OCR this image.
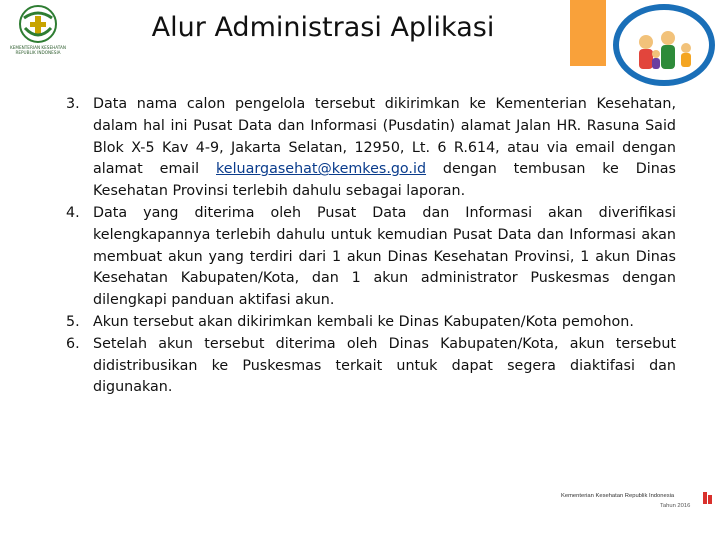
KEMENTERIAN KESEHATAN REPUBLIK INDONESIA
Alur Administrasi Aplikasi
3. Data nama calon pengelola tersebut dikirimkan ke Kementerian Kesehatan, dalam hal ini Pusat Data dan Informasi (Pusdatin) alamat Jalan HR. Rasuna Said Blok X-5 Kav 4-9, Jakarta Selatan, 12950, Lt. 6 R.614, atau via email dengan alamat email keluargasehat@kemkes.go.id dengan tembusan ke Dinas Kesehatan Provinsi terlebih dahulu sebagai laporan.
4. Data yang diterima oleh Pusat Data dan Informasi akan diverifikasi kelengkapannya terlebih dahulu untuk kemudian Pusat Data dan Informasi akan membuat akun yang terdiri dari 1 akun Dinas Kesehatan Provinsi, 1 akun Dinas Kesehatan Kabupaten/Kota, dan 1 akun administrator Puskesmas dengan dilengkapi panduan aktifasi akun.
5. Akun tersebut akan dikirimkan kembali ke Dinas Kabupaten/Kota pemohon.
6. Setelah akun tersebut diterima oleh Dinas Kabupaten/Kota, akun tersebut didistribusikan ke Puskesmas terkait untuk dapat segera diaktifasi dan digunakan.
Kementerian Kesehatan Republik Indonesia
Tahun 2016
